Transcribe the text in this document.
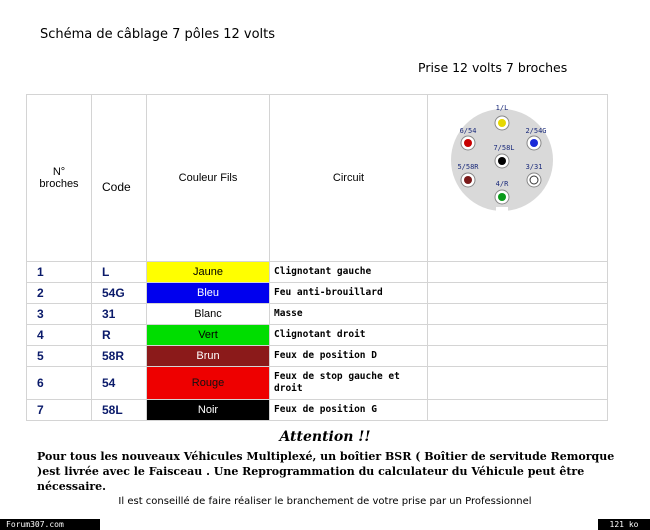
Schéma de câblage 7 pôles 12 volts
Prise 12 volts 7 broches
N°
broches	Code	Couleur Fils	Circuit	
1	L	Jaune	Clignotant gauche	
2	54G	Bleu	Feu anti-brouillard	
3	31	Blanc	Masse	
4	R	Vert	Clignotant droit	
5	58R	Brun	Feux de position D	
6	54	Rouge	Feux de stop gauche et droit	
7	58L	Noir	Feux de position G	
1/L
2/54G
3/31
4/R
5/58R
6/54
7/58L
Attention !!
Pour tous les nouveaux Véhicules Multiplexé, un boîtier BSR ( Boîtier de servitude Remorque )est livrée avec le Faisceau . Une Reprogrammation du calculateur du Véhicule peut être nécessaire.
Il est conseillé de faire réaliser le branchement de votre prise par un Professionnel
Forum307.com	121 ko
